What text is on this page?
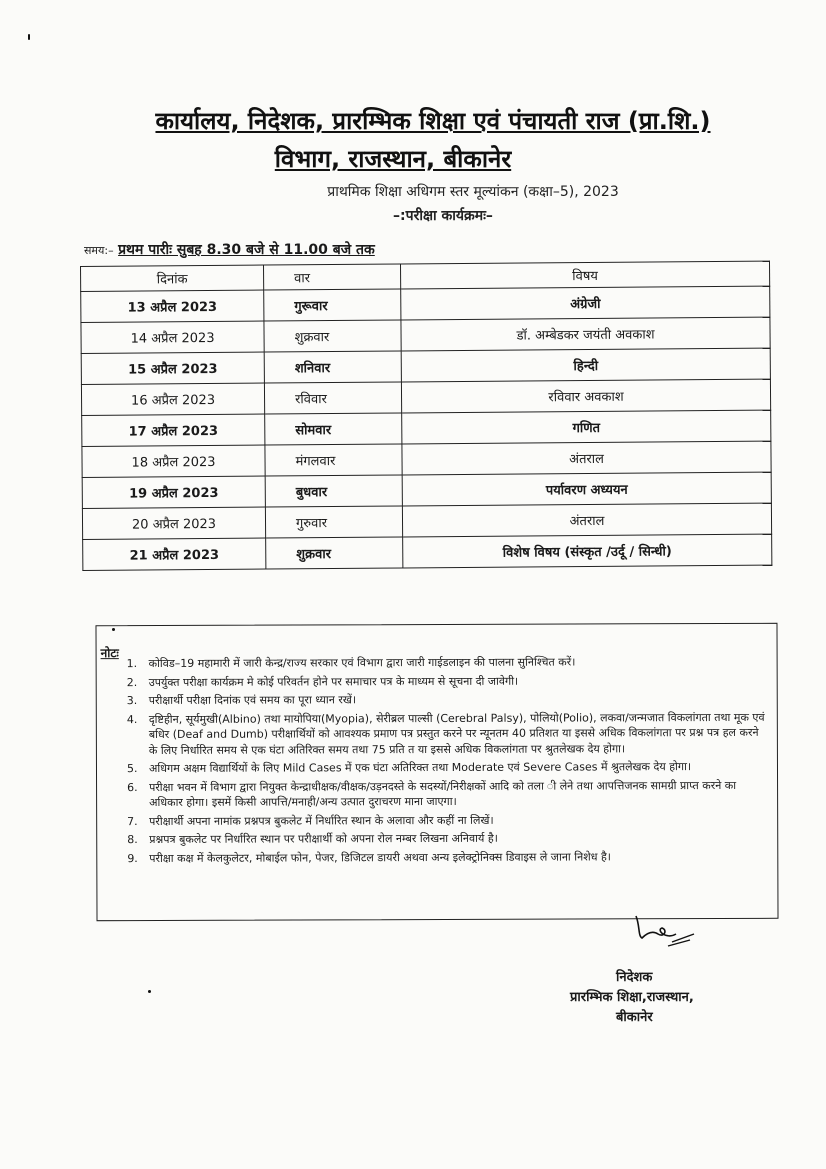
कार्यालय, निदेशक, प्रारम्भिक शिक्षा एवं पंचायती राज (प्रा.शि.)
विभाग, राजस्थान, बीकानेर
प्राथमिक शिक्षा अधिगम स्तर मूल्यांकन (कक्षा–5), 2023
–:परीक्षा कार्यक्रमः–
समय:– प्रथम पारीः सुबह 8.30 बजे से 11.00 बजे तक
दिनांक	वार	विषय
13 अप्रैल 2023	गुरूवार	अंग्रेजी
14 अप्रैल 2023	शुक्रवार	डॉ. अम्बेडकर जयंती अवकाश
15 अप्रैल 2023	शनिवार	हिन्दी
16 अप्रैल 2023	रविवार	रविवार अवकाश
17 अप्रैल 2023	सोमवार	गणित
18 अप्रैल 2023	मंगलवार	अंतराल
19 अप्रैल 2023	बुधवार	पर्यावरण अध्ययन
20 अप्रैल 2023	गुरुवार	अंतराल
21 अप्रैल 2023	शुक्रवार	विशेष विषय (संस्कृत /उर्दू / सिन्धी)
नोटः
1.	कोविड–19 महामारी में जारी केन्द्र/राज्य सरकार एवं विभाग द्वारा जारी गाईडलाइन की पालना सुनिश्चित करें।
2.	उपर्युक्त परीक्षा कार्यक्रम मे कोई परिवर्तन होने पर समाचार पत्र के माध्यम से सूचना दी जावेगी।
3.	परीक्षार्थी परीक्षा दिनांक एवं समय का पूरा ध्यान रखें।
4.	दृष्टिहीन, सूर्यमुखी(Albino) तथा मायोपिया(Myopia), सेरीब्रल पाल्सी (Cerebral Palsy), पोलियो(Polio), लकवा/जन्मजात विकलांगता तथा मूक एवं बधिर (Deaf and Dumb) परीक्षार्थियों को आवश्यक प्रमाण पत्र प्रस्तुत करने पर न्यूनतम 40 प्रतिशत या इससे अधिक विकलांगता पर प्रश्न पत्र हल करने के लिए निर्धारित समय से एक घंटा अतिरिक्त समय तथा 75 प्रति त या इससे अधिक विकलांगता पर श्रुतलेखक देय होगा।
5.	अधिगम अक्षम विद्यार्थियों के लिए Mild Cases में एक घंटा अतिरिक्त तथा Moderate एवं Severe Cases में श्रुतलेखक देय होगा।
6.	परीक्षा भवन में विभाग द्वारा नियुक्त केन्द्राधीक्षक/वीक्षक/उड़नदस्ते के सदस्यों/निरीक्षकों आदि को तला ी लेने तथा आपत्तिजनक सामग्री प्राप्त करने का अधिकार होगा। इसमें किसी आपत्ति/मनाही/अन्य उत्पात दुराचरण माना जाएगा।
7.	परीक्षार्थी अपना नामांक प्रश्नपत्र बुकलेट में निर्धारित स्थान के अलावा और कहीं ना लिखें।
8.	प्रश्नपत्र बुकलेट पर निर्धारित स्थान पर परीक्षार्थी को अपना रोल नम्बर लिखना अनिवार्य है।
9.	परीक्षा कक्ष में केलकुलेटर, मोबाईल फोन, पेजर, डिजिटल डायरी अथवा अन्य इलेक्ट्रोनिक्स डिवाइस ले जाना निशेध है।
निदेशक
प्रारम्भिक शिक्षा,राजस्थान,
बीकानेर
